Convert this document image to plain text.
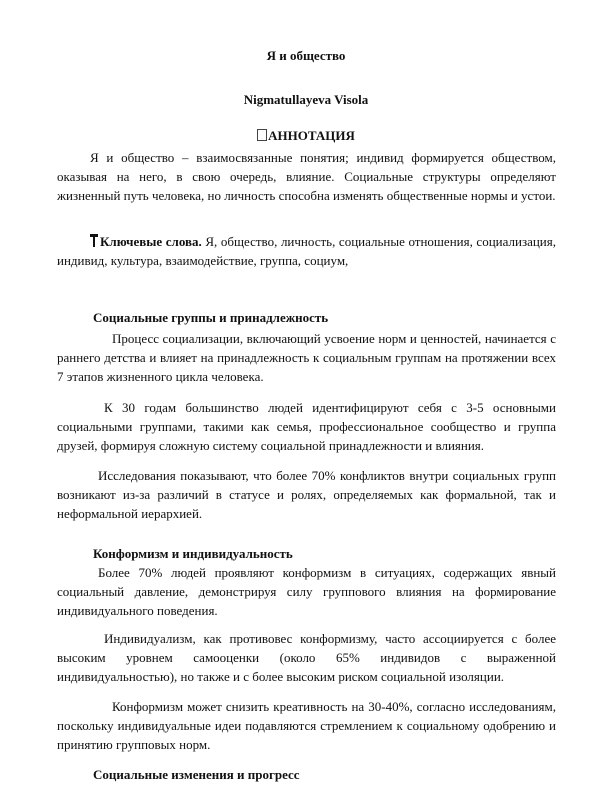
Я и общество
Nigmatullayeva Visola
АННОТАЦИЯ

Я и общество – взаимосвязанные понятия; индивид формируется обществом, оказывая на него, в свою очередь, влияние. Социальные структуры определяют жизненный путь человека, но личность способна изменять общественные нормы и устои.

Ключевые слова. Я, общество, личность, социальные отношения, социализация, индивид, культура, взаимодействие, группа, социум,

Социальные группы и принадлежность

Процесс социализации, включающий усвоение норм и ценностей, начинается с раннего детства и влияет на принадлежность к социальным группам на протяжении всех 7 этапов жизненного цикла человека.

К 30 годам большинство людей идентифицируют себя с 3-5 основными социальными группами, такими как семья, профессиональное сообщество и группа друзей, формируя сложную систему социальной принадлежности и влияния.

Исследования показывают, что более 70% конфликтов внутри социальных групп возникают из-за различий в статусе и ролях, определяемых как формальной, так и неформальной иерархией.

Конформизм и индивидуальность

Более 70% людей проявляют конформизм в ситуациях, содержащих явный социальный давление, демонстрируя силу группового влияния на формирование индивидуального поведения.

Индивидуализм, как противовес конформизму, часто ассоциируется с более высоким уровнем самооценки (около 65% индивидов с выраженной индивидуальностью), но также и с более высоким риском социальной изоляции.

Конформизм может снизить креативность на 30-40%, согласно исследованиям, поскольку индивидуальные идеи подавляются стремлением к социальному одобрению и принятию групповых норм.

Социальные изменения и прогресс
